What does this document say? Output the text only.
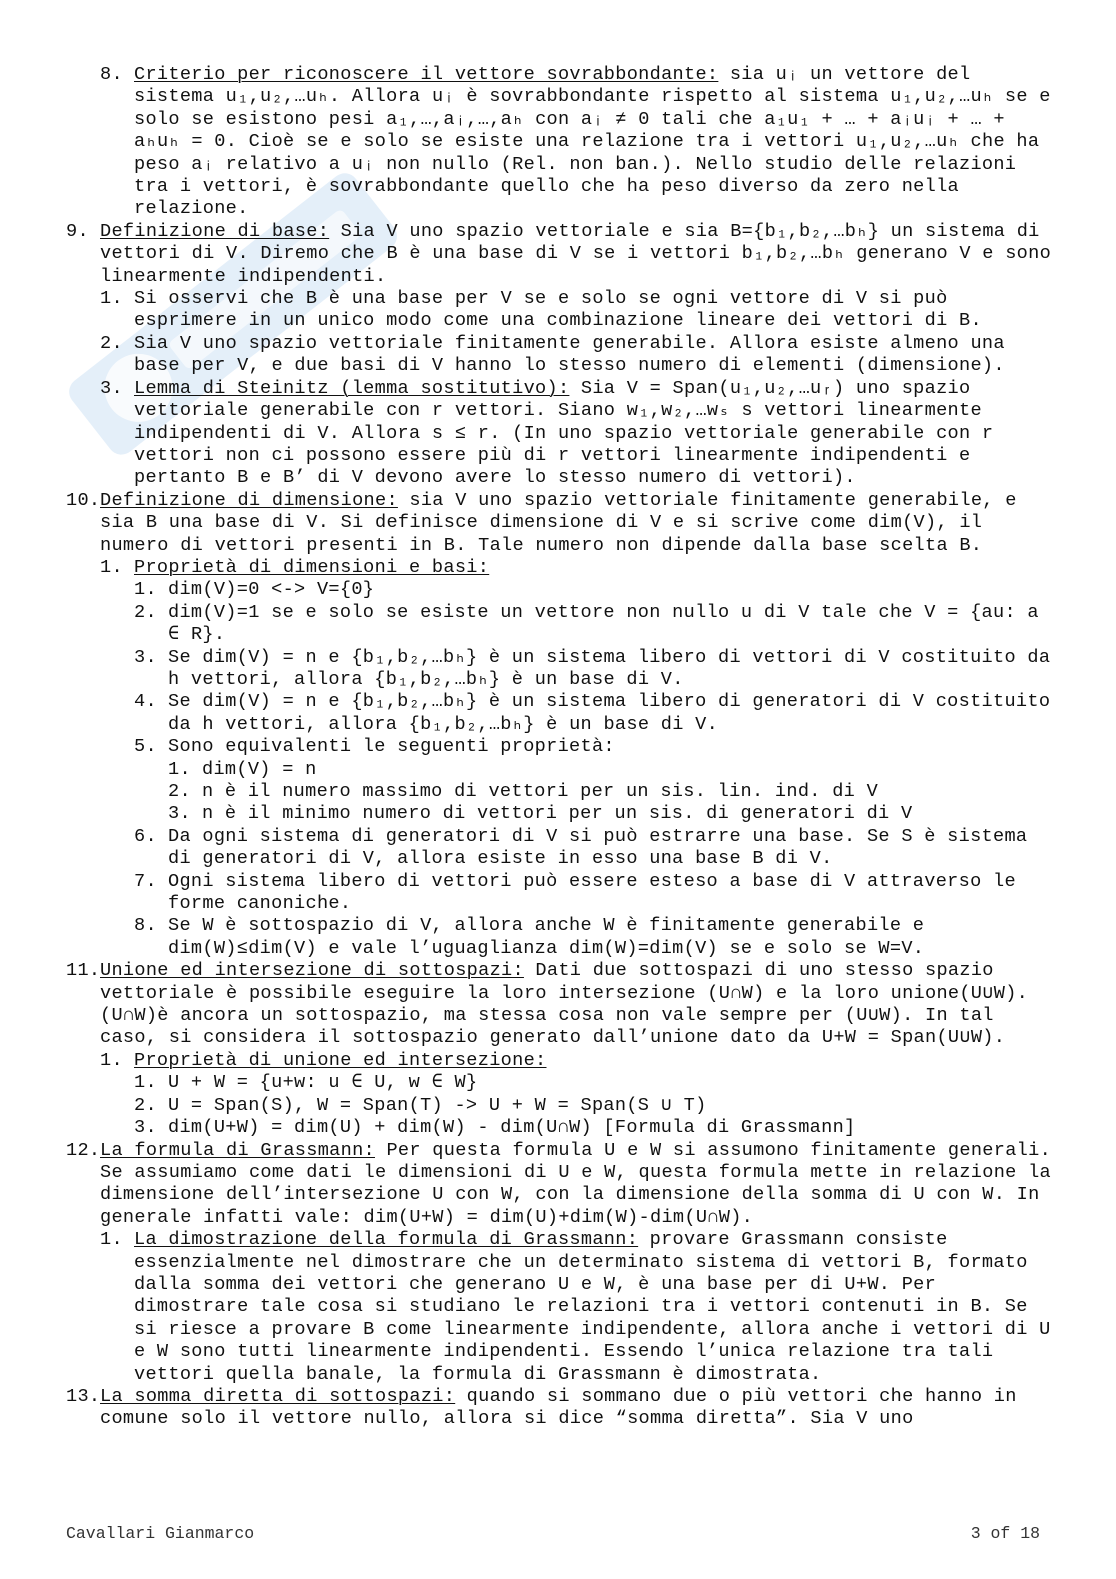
8. Criterio per riconoscere il vettore sovrabbondante: sia uᵢ un vettore del sistema u₁,u₂,…uₕ. Allora uᵢ è sovrabbondante rispetto al sistema u₁,u₂,…uₕ se e solo se esistono pesi a₁,…,aᵢ,…,aₕ con aᵢ ≠ 0 tali che a₁u₁ + … + aᵢuᵢ + … + aₕuₕ = 0. Cioè se e solo se esiste una relazione tra i vettori u₁,u₂,…uₕ che ha peso aᵢ relativo a uᵢ non nullo (Rel. non ban.). Nello studio delle relazioni tra i vettori, è sovrabbondante quello che ha peso diverso da zero nella relazione.
9. Definizione di base: Sia V uno spazio vettoriale e sia B={b₁,b₂,…bₕ} un sistema di vettori di V. Diremo che B è una base di V se i vettori b₁,b₂,…bₕ generano V e sono linearmente indipendenti.
1. Si osservi che B è una base per V se e solo se ogni vettore di V si può esprimere in un unico modo come una combinazione lineare dei vettori di B.
2. Sia V uno spazio vettoriale finitamente generabile. Allora esiste almeno una base per V, e due basi di V hanno lo stesso numero di elementi (dimensione).
3. Lemma di Steinitz (lemma sostitutivo): Sia V = Span(u₁,u₂,…uᵣ) uno spazio vettoriale generabile con r vettori. Siano w₁,w₂,…wₛ s vettori linearmente indipendenti di V. Allora s ≤ r. (In uno spazio vettoriale generabile con r vettori non ci possono essere più di r vettori linearmente indipendenti e pertanto B e B’ di V devono avere lo stesso numero di vettori).
10. Definizione di dimensione: sia V uno spazio vettoriale finitamente generabile, e sia B una base di V. Si definisce dimensione di V e si scrive come dim(V), il numero di vettori presenti in B. Tale numero non dipende dalla base scelta B.
1. Proprietà di dimensioni e basi:
1. dim(V)=0 <-> V={0}
2. dim(V)=1 se e solo se esiste un vettore non nullo u di V tale che V = {au: a ∈ R}.
3. Se dim(V) = n e {b₁,b₂,…bₕ} è un sistema libero di vettori di V costituito da h vettori, allora {b₁,b₂,…bₕ} è un base di V.
4. Se dim(V) = n e {b₁,b₂,…bₕ} è un sistema libero di generatori di V costituito da h vettori, allora {b₁,b₂,…bₕ} è un base di V.
5. Sono equivalenti le seguenti proprietà:
1. dim(V) = n
2. n è il numero massimo di vettori per un sis. lin. ind. di V
3. n è il minimo numero di vettori per un sis. di generatori di V
6. Da ogni sistema di generatori di V si può estrarre una base. Se S è sistema di generatori di V, allora esiste in esso una base B di V.
7. Ogni sistema libero di vettori può essere esteso a base di V attraverso le forme canoniche.
8. Se W è sottospazio di V, allora anche W è finitamente generabile e dim(W)≤dim(V) e vale l’uguaglianza dim(W)=dim(V) se e solo se W=V.
11. Unione ed intersezione di sottospazi: Dati due sottospazi di uno stesso spazio vettoriale è possibile eseguire la loro intersezione (U∩W) e la loro unione(U∪W).(U∩W)è ancora un sottospazio, ma stessa cosa non vale sempre per (U∪W). In tal caso, si considera il sottospazio generato dall’unione dato da U+W = Span(U∪W).
1. Proprietà di unione ed intersezione:
1. U + W = {u+w: u ∈ U, w ∈ W}
2. U = Span(S), W = Span(T) -> U + W = Span(S ∪ T)
3. dim(U+W) = dim(U) + dim(W) - dim(U∩W) [Formula di Grassmann]
12. La formula di Grassmann: Per questa formula U e W si assumono finitamente generali. Se assumiamo come dati le dimensioni di U e W, questa formula mette in relazione la dimensione dell’intersezione U con W, con la dimensione della somma di U con W. In generale infatti vale: dim(U+W) = dim(U)+dim(W)-dim(U∩W).
1. La dimostrazione della formula di Grassmann: provare Grassmann consiste essenzialmente nel dimostrare che un determinato sistema di vettori B, formato dalla somma dei vettori che generano U e W, è una base per di U+W. Per dimostrare tale cosa si studiano le relazioni tra i vettori contenuti in B. Se si riesce a provare B come linearmente indipendente, allora anche i vettori di U e W sono tutti linearmente indipendenti. Essendo l’unica relazione tra tali vettori quella banale, la formula di Grassmann è dimostrata.
13. La somma diretta di sottospazi: quando si sommano due o più vettori che hanno in comune solo il vettore nullo, allora si dice “somma diretta”. Sia V uno
Cavallari Gianmarco	3 of 18
